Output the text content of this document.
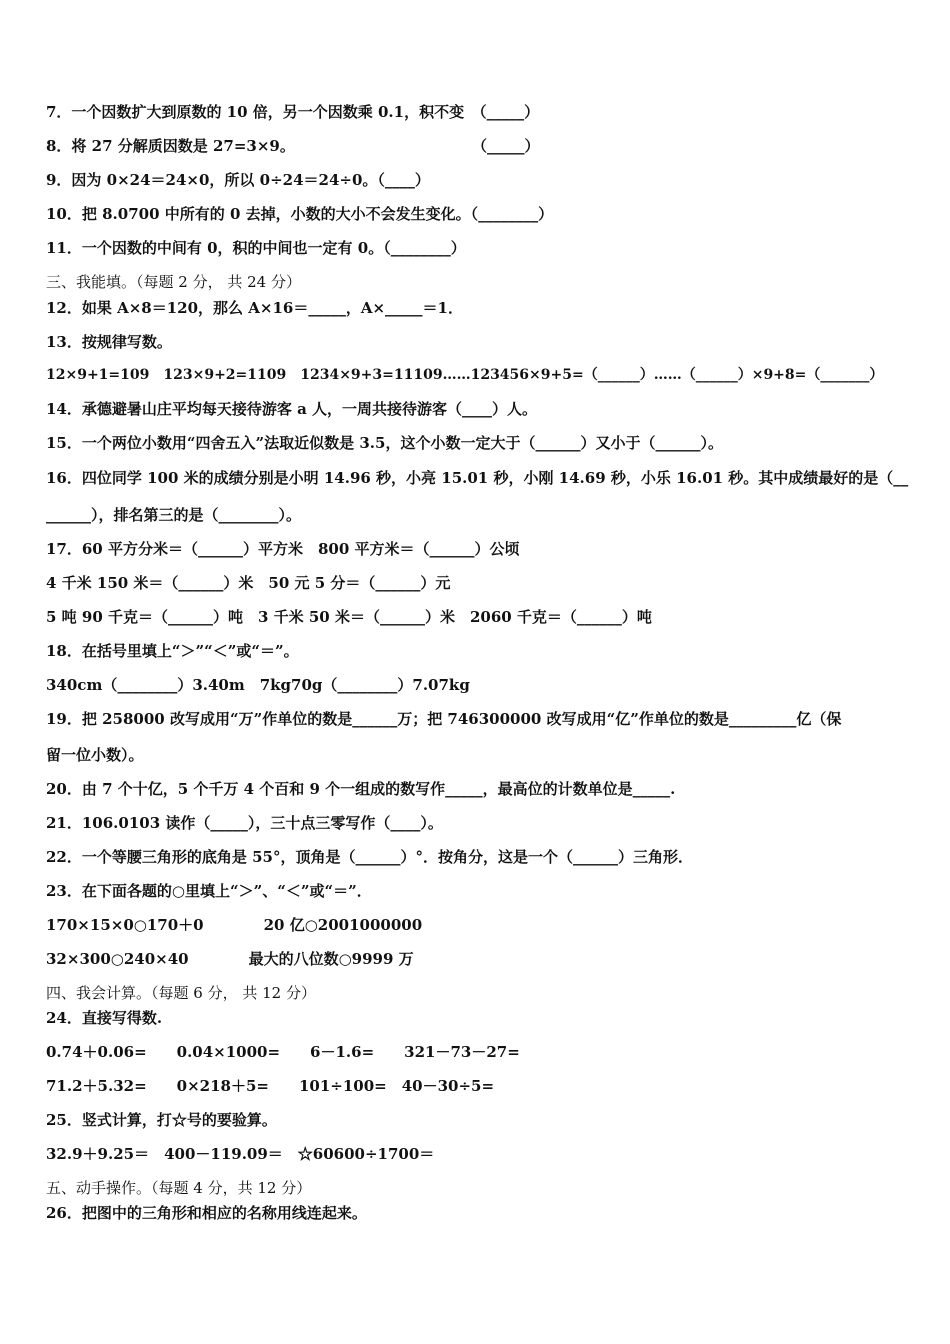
7．一个因数扩大到原数的 10 倍，另一个因数乘 0.1，积不变　（_____）
8．将 27 分解质因数是 27=3×9。	（_____）
9．因为 0×24＝24×0，所以 0÷24＝24÷0。（____）
10．把 8.0700 中所有的 0 去掉，小数的大小不会发生变化。（________）
11．一个因数的中间有 0，积的中间也一定有 0。（________）
三、我能填。（每题 2 分， 共 24 分）
12．如果 A×8＝120，那么 A×16＝_____，A×_____＝1．
13．按规律写数。
12×9+1=109　123×9+2=1109　1234×9+3=11109……123456×9+5=（______）……（______）×9+8=（_______）
14．承德避暑山庄平均每天接待游客 a 人，一周共接待游客（____）人。
15．一个两位小数用“四舍五入”法取近似数是 3.5，这个小数一定大于（______）又小于（______）。
16．四位同学 100 米的成绩分别是小明 14.96 秒，小亮 15.01 秒，小刚 14.69 秒，小乐 16.01 秒。其中成绩最好的是（__
______），排名第三的是（________）。
17．60 平方分米＝（______）平方米　800 平方米＝（______）公顷
4 千米 150 米＝（______）米　50 元 5 分＝（______）元
5 吨 90 千克＝（______）吨　3 千米 50 米＝（______）米　2060 千克＝（______）吨
18．在括号里填上“＞”“＜”或“＝”。
340cm（________）3.40m　7kg70g（________）7.07kg
19．把 258000 改写成用“万”作单位的数是______万；把 746300000 改写成用“亿”作单位的数是_________亿（保
留一位小数）。
20．由 7 个十亿，5 个千万 4 个百和 9 个一组成的数写作_____，最高位的计数单位是_____.
21．106.0103 读作（_____），三十点三零写作（____）。
22．一个等腰三角形的底角是 55°，顶角是（______）°．按角分，这是一个（______）三角形．
23．在下面各题的○里填上“＞”、“＜”或“＝”．
170×15×0○170＋0　　　　20 亿○2001000000
32×300○240×40　　　　最大的八位数○9999 万
四、我会计算。（每题 6 分， 共 12 分）
24．直接写得数.
0.74＋0.06=　　0.04×1000=　　6－1.6=　　321－73－27=
71.2＋5.32=　　0×218＋5=　　101÷100=　40－30÷5=
25．竖式计算，打☆号的要验算。
32.9＋9.25＝　400－119.09＝　☆60600÷1700＝
五、动手操作。（每题 4 分，共 12 分）
26．把图中的三角形和相应的名称用线连起来。
